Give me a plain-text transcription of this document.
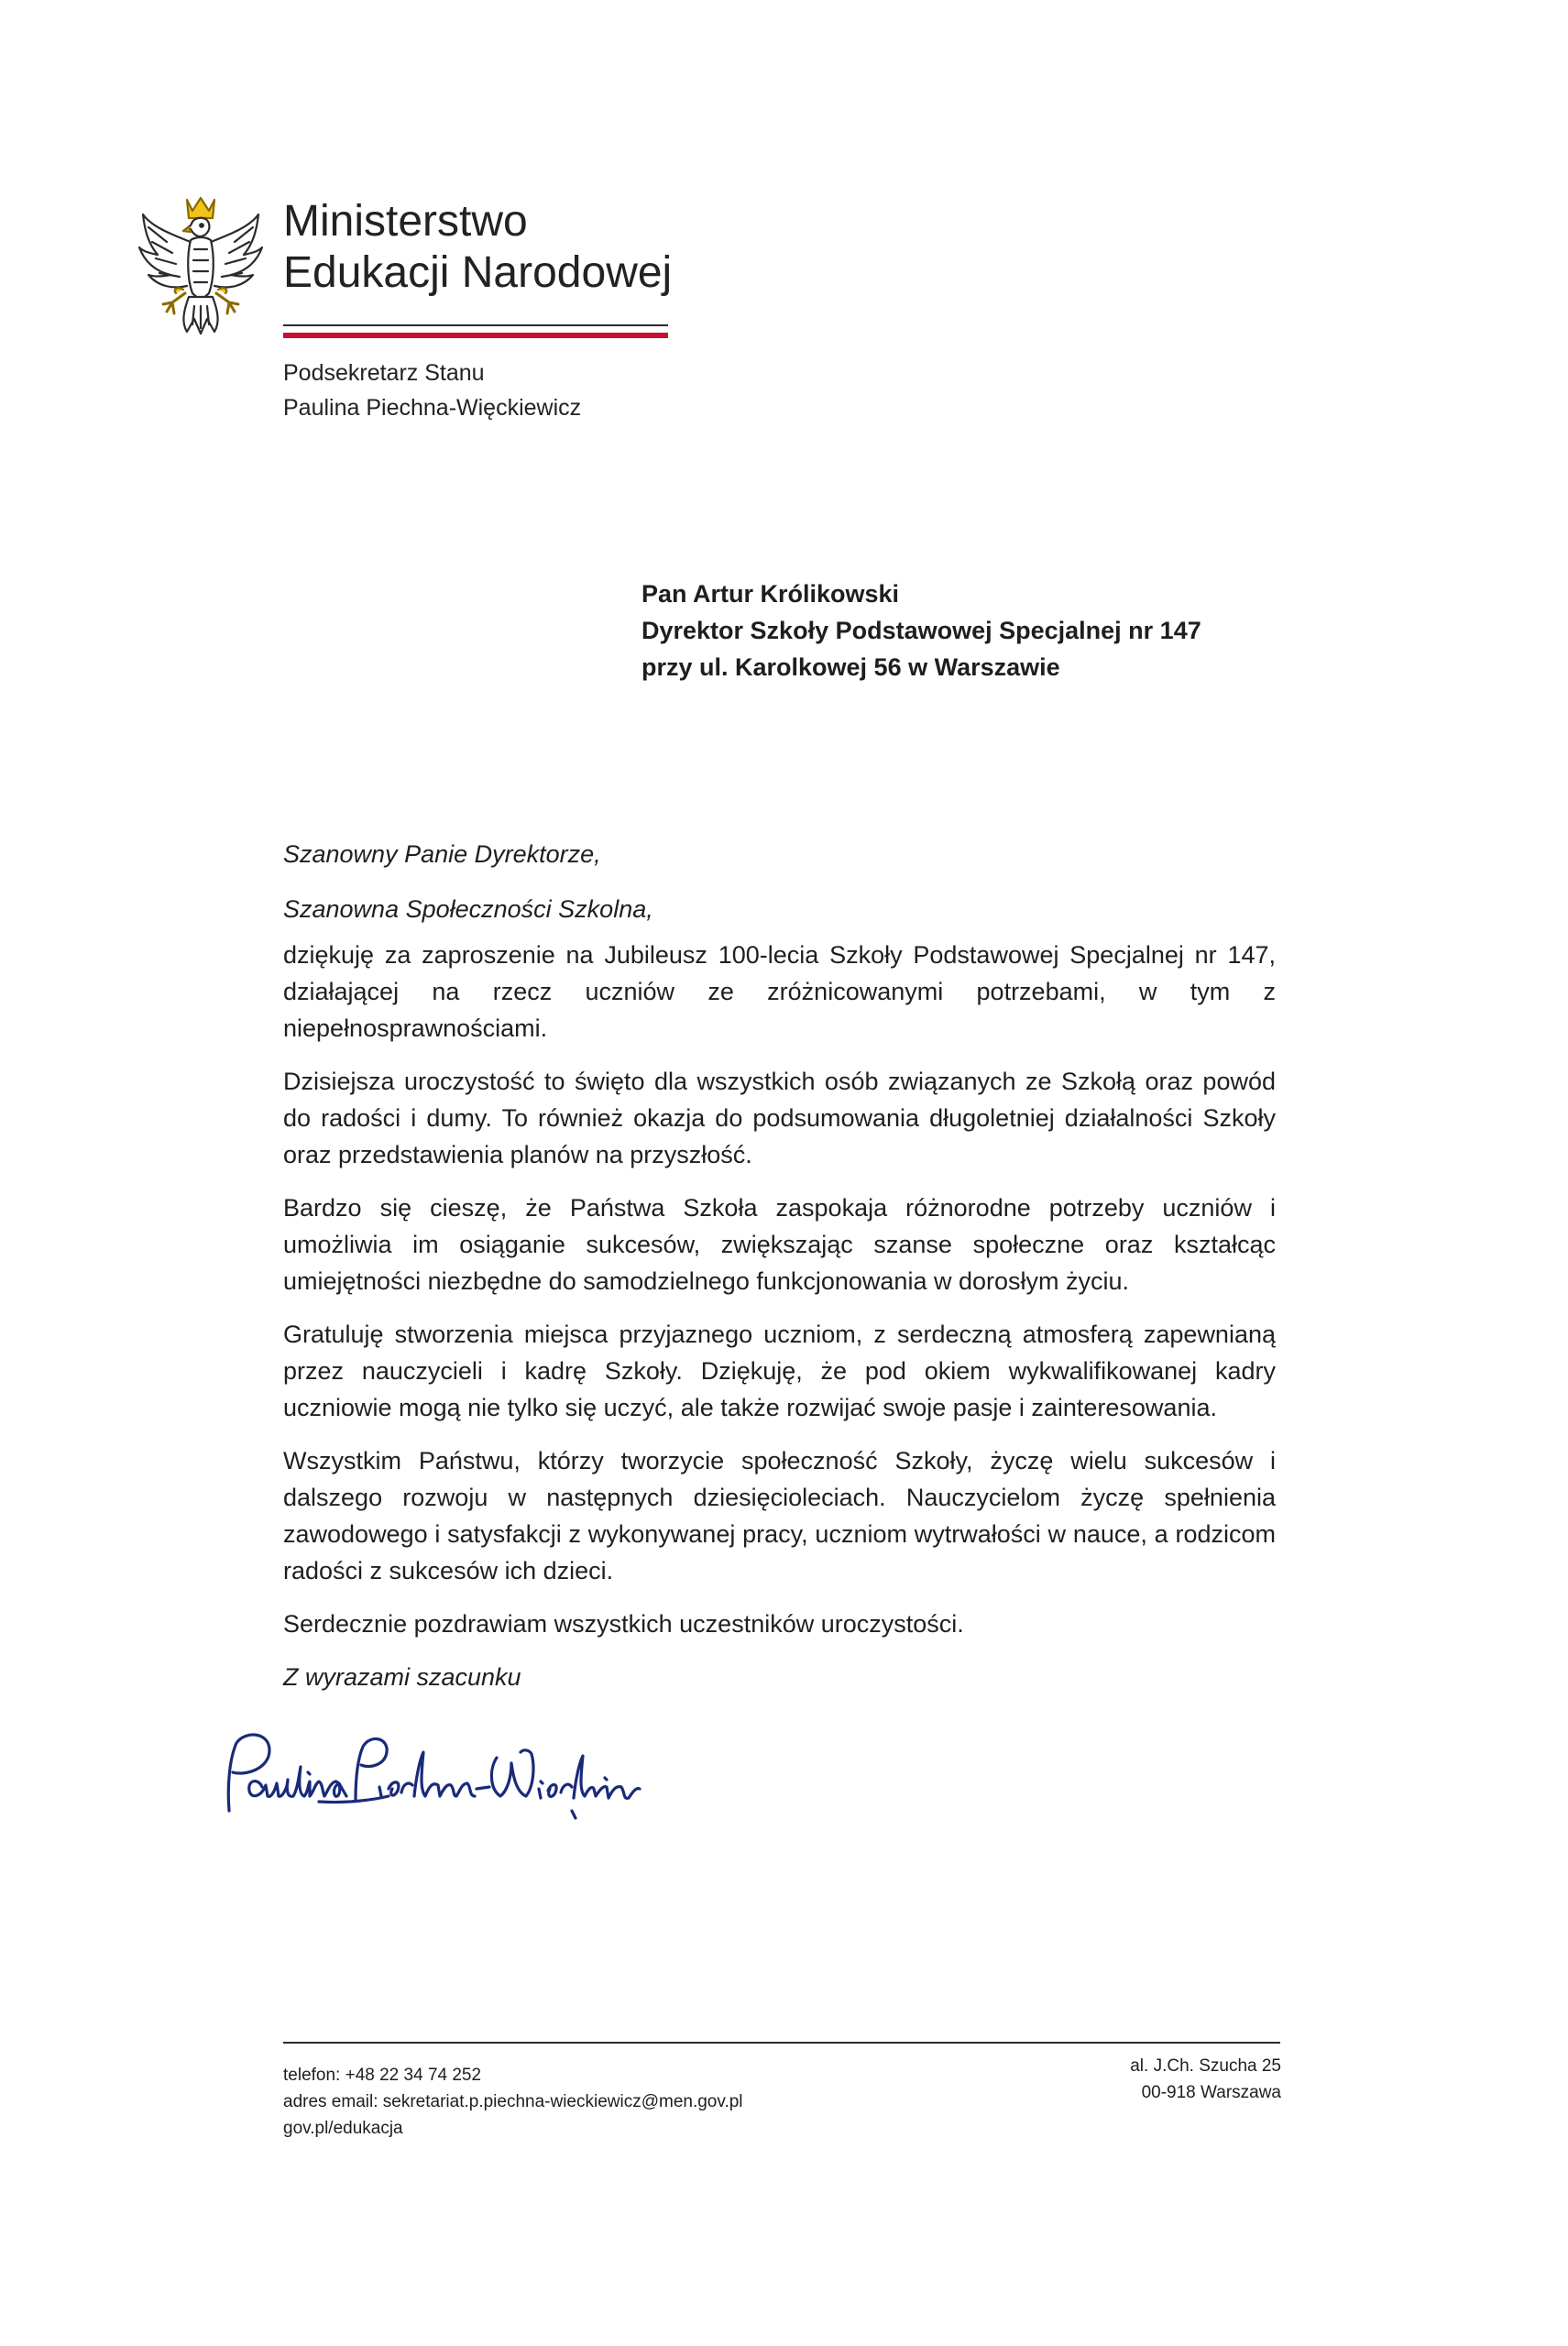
Ministerstwo
Edukacji Narodowej
Podsekretarz Stanu
Paulina Piechna-Więckiewicz
Pan Artur Królikowski
Dyrektor Szkoły Podstawowej Specjalnej nr 147
przy ul. Karolkowej 56 w Warszawie

Szanowny Panie Dyrektorze,

Szanowna Społeczności Szkolna,

dziękuję za zaproszenie na Jubileusz 100-lecia Szkoły Podstawowej Specjalnej nr 147, działającej na rzecz uczniów ze zróżnicowanymi potrzebami, w tym z niepełnosprawnościami.

Dzisiejsza uroczystość to święto dla wszystkich osób związanych ze Szkołą oraz powód do radości i dumy. To również okazja do podsumowania długoletniej działalności Szkoły oraz przedstawienia planów na przyszłość.

Bardzo się cieszę, że Państwa Szkoła zaspokaja różnorodne potrzeby uczniów i umożliwia im osiąganie sukcesów, zwiększając szanse społeczne oraz kształcąc umiejętności niezbędne do samodzielnego funkcjonowania w dorosłym życiu.

Gratuluję stworzenia miejsca przyjaznego uczniom, z serdeczną atmosferą zapewnianą przez nauczycieli i kadrę Szkoły. Dziękuję, że pod okiem wykwalifikowanej kadry uczniowie mogą nie tylko się uczyć, ale także rozwijać swoje pasje i zainteresowania.

Wszystkim Państwu, którzy tworzycie społeczność Szkoły, życzę wielu sukcesów i dalszego rozwoju w następnych dziesięcioleciach. Nauczycielom życzę spełnienia zawodowego i satysfakcji z wykonywanej pracy, uczniom wytrwałości w nauce, a rodzicom radości z sukcesów ich dzieci.

Serdecznie pozdrawiam wszystkich uczestników uroczystości.

Z wyrazami szacunku

telefon: +48 22 34 74 252
adres email: sekretariat.p.piechna-wieckiewicz@men.gov.pl
gov.pl/edukacja
al. J.Ch. Szucha 25
00-918 Warszawa
